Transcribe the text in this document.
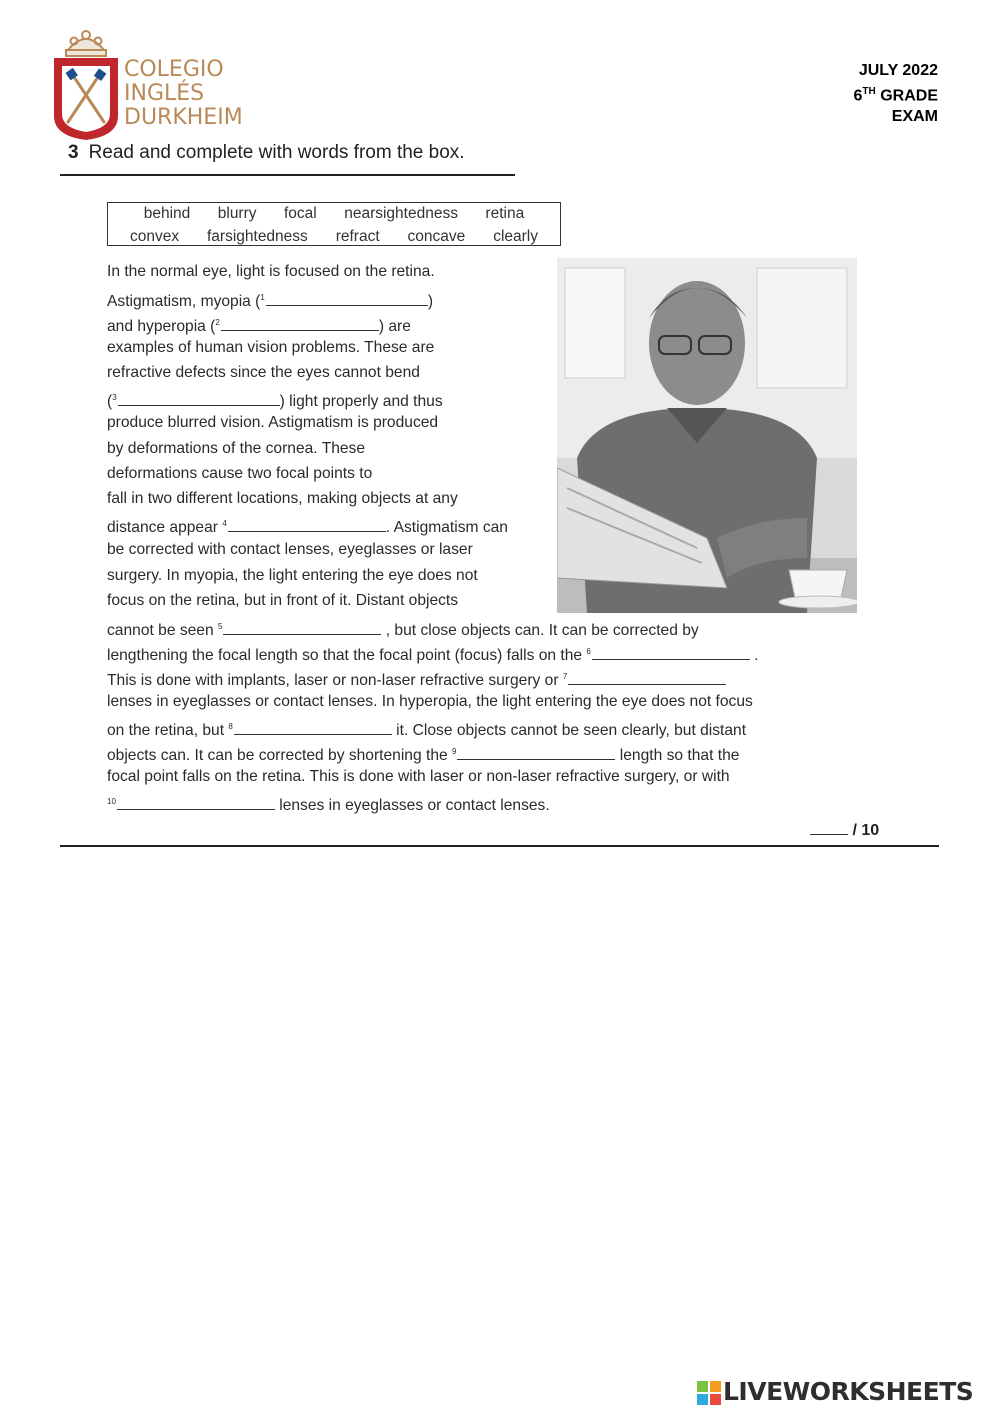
COLEGIO
INGLÉS
DURKHEIM
JULY 2022
6TH GRADE
EXAM
3 Read and complete with words from the box.
behind blurry focal nearsightedness retina
convex farsightedness refract concave clearly
In the normal eye, light is focused on the retina.
Astigmatism, myopia ($^1$	)
and hyperopia ($^2$	) are
examples of human vision problems. These are
refractive defects since the eyes cannot bend
($^3$	) light properly and thus
produce blurred vision. Astigmatism is produced
by deformations of the cornea. These
deformations cause two focal points to
fall in two different locations, making objects at any
distance appear $^4$	. Astigmatism can
be corrected with contact lenses, eyeglasses or laser
surgery. In myopia, the light entering the eye does not
focus on the retina, but in front of it. Distant objects
cannot be seen $^5$	, but close objects can. It can be corrected by
lengthening the focal length so that the focal point (focus) falls on the $^6$	.
This is done with implants, laser or non-laser refractive surgery or $^7$
lenses in eyeglasses or contact lenses. In hyperopia, the light entering the eye does not focus
on the retina, but $^8$	it. Close objects cannot be seen clearly, but distant
objects can. It can be corrected by shortening the $^9$	length so that the
focal point falls on the retina. This is done with laser or non-laser refractive surgery, or with
$^{10}$	lenses in eyeglasses or contact lenses.
/ 10
LIVEWORKSHEETS
